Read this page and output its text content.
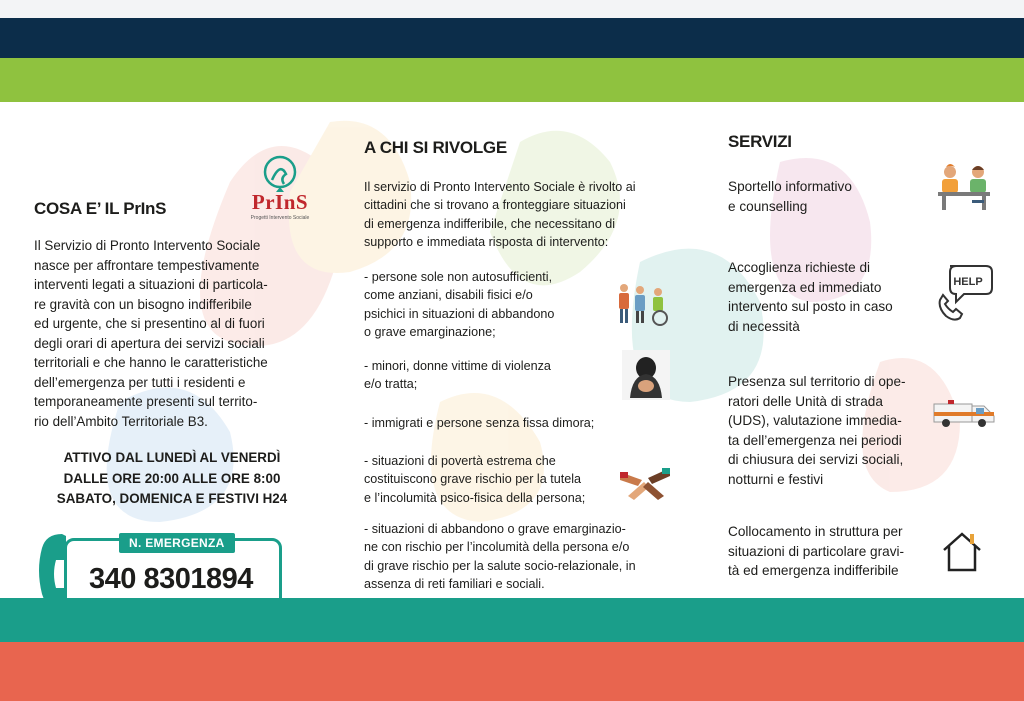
COSA E’ IL PrInS	PrInS
Progetti Intervento Sociale
Il Servizio di Pronto Intervento Sociale
nasce per affrontare tempestivamente
interventi legati a situazioni di particola-
re gravità con un bisogno indifferibile
ed urgente, che si presentino al di fuori
degli orari di apertura dei servizi sociali
territoriali e che hanno le caratteristiche
dell’emergenza per tutti i residenti e
temporaneamente presenti sul territo-
rio dell’Ambito Territoriale B3.
ATTIVO DAL LUNEDÌ AL VENERDÌ
DALLE ORE 20:00 ALLE ORE 8:00
SABATO, DOMENICA E FESTIVI H24
N. EMERGENZA
340 8301894
A CHI SI RIVOLGE
Il servizio di Pronto Intervento Sociale è rivolto ai
cittadini che si trovano a fronteggiare situazioni
di emergenza indifferibile, che necessitano di
supporto e immediata risposta di intervento:
- persone sole non autosufficienti,
come anziani, disabili fisici e/o
psichici in situazioni di abbandono
o grave emarginazione;
- minori, donne vittime di violenza
e/o tratta;
- immigrati e persone senza fissa dimora;
- situazioni di povertà estrema che
costituiscono grave rischio per la tutela
e l’incolumità psico-fisica della persona;
- situazioni di abbandono o grave emarginazio-
ne con rischio per l’incolumità della persona e/o
di grave rischio per la salute socio-relazionale, in
assenza di reti familiari e sociali.
SERVIZI
Sportello informativo
e counselling
Accoglienza richieste di
emergenza ed immediato
intervento sul posto in caso
di necessità
HELP
Presenza sul territorio di ope-
ratori delle Unità di strada
(UDS), valutazione immedia-
ta dell’emergenza nei periodi
di chiusura dei servizi sociali,
notturni e festivi
Collocamento in struttura per
situazioni di particolare gravi-
tà ed emergenza indifferibile
